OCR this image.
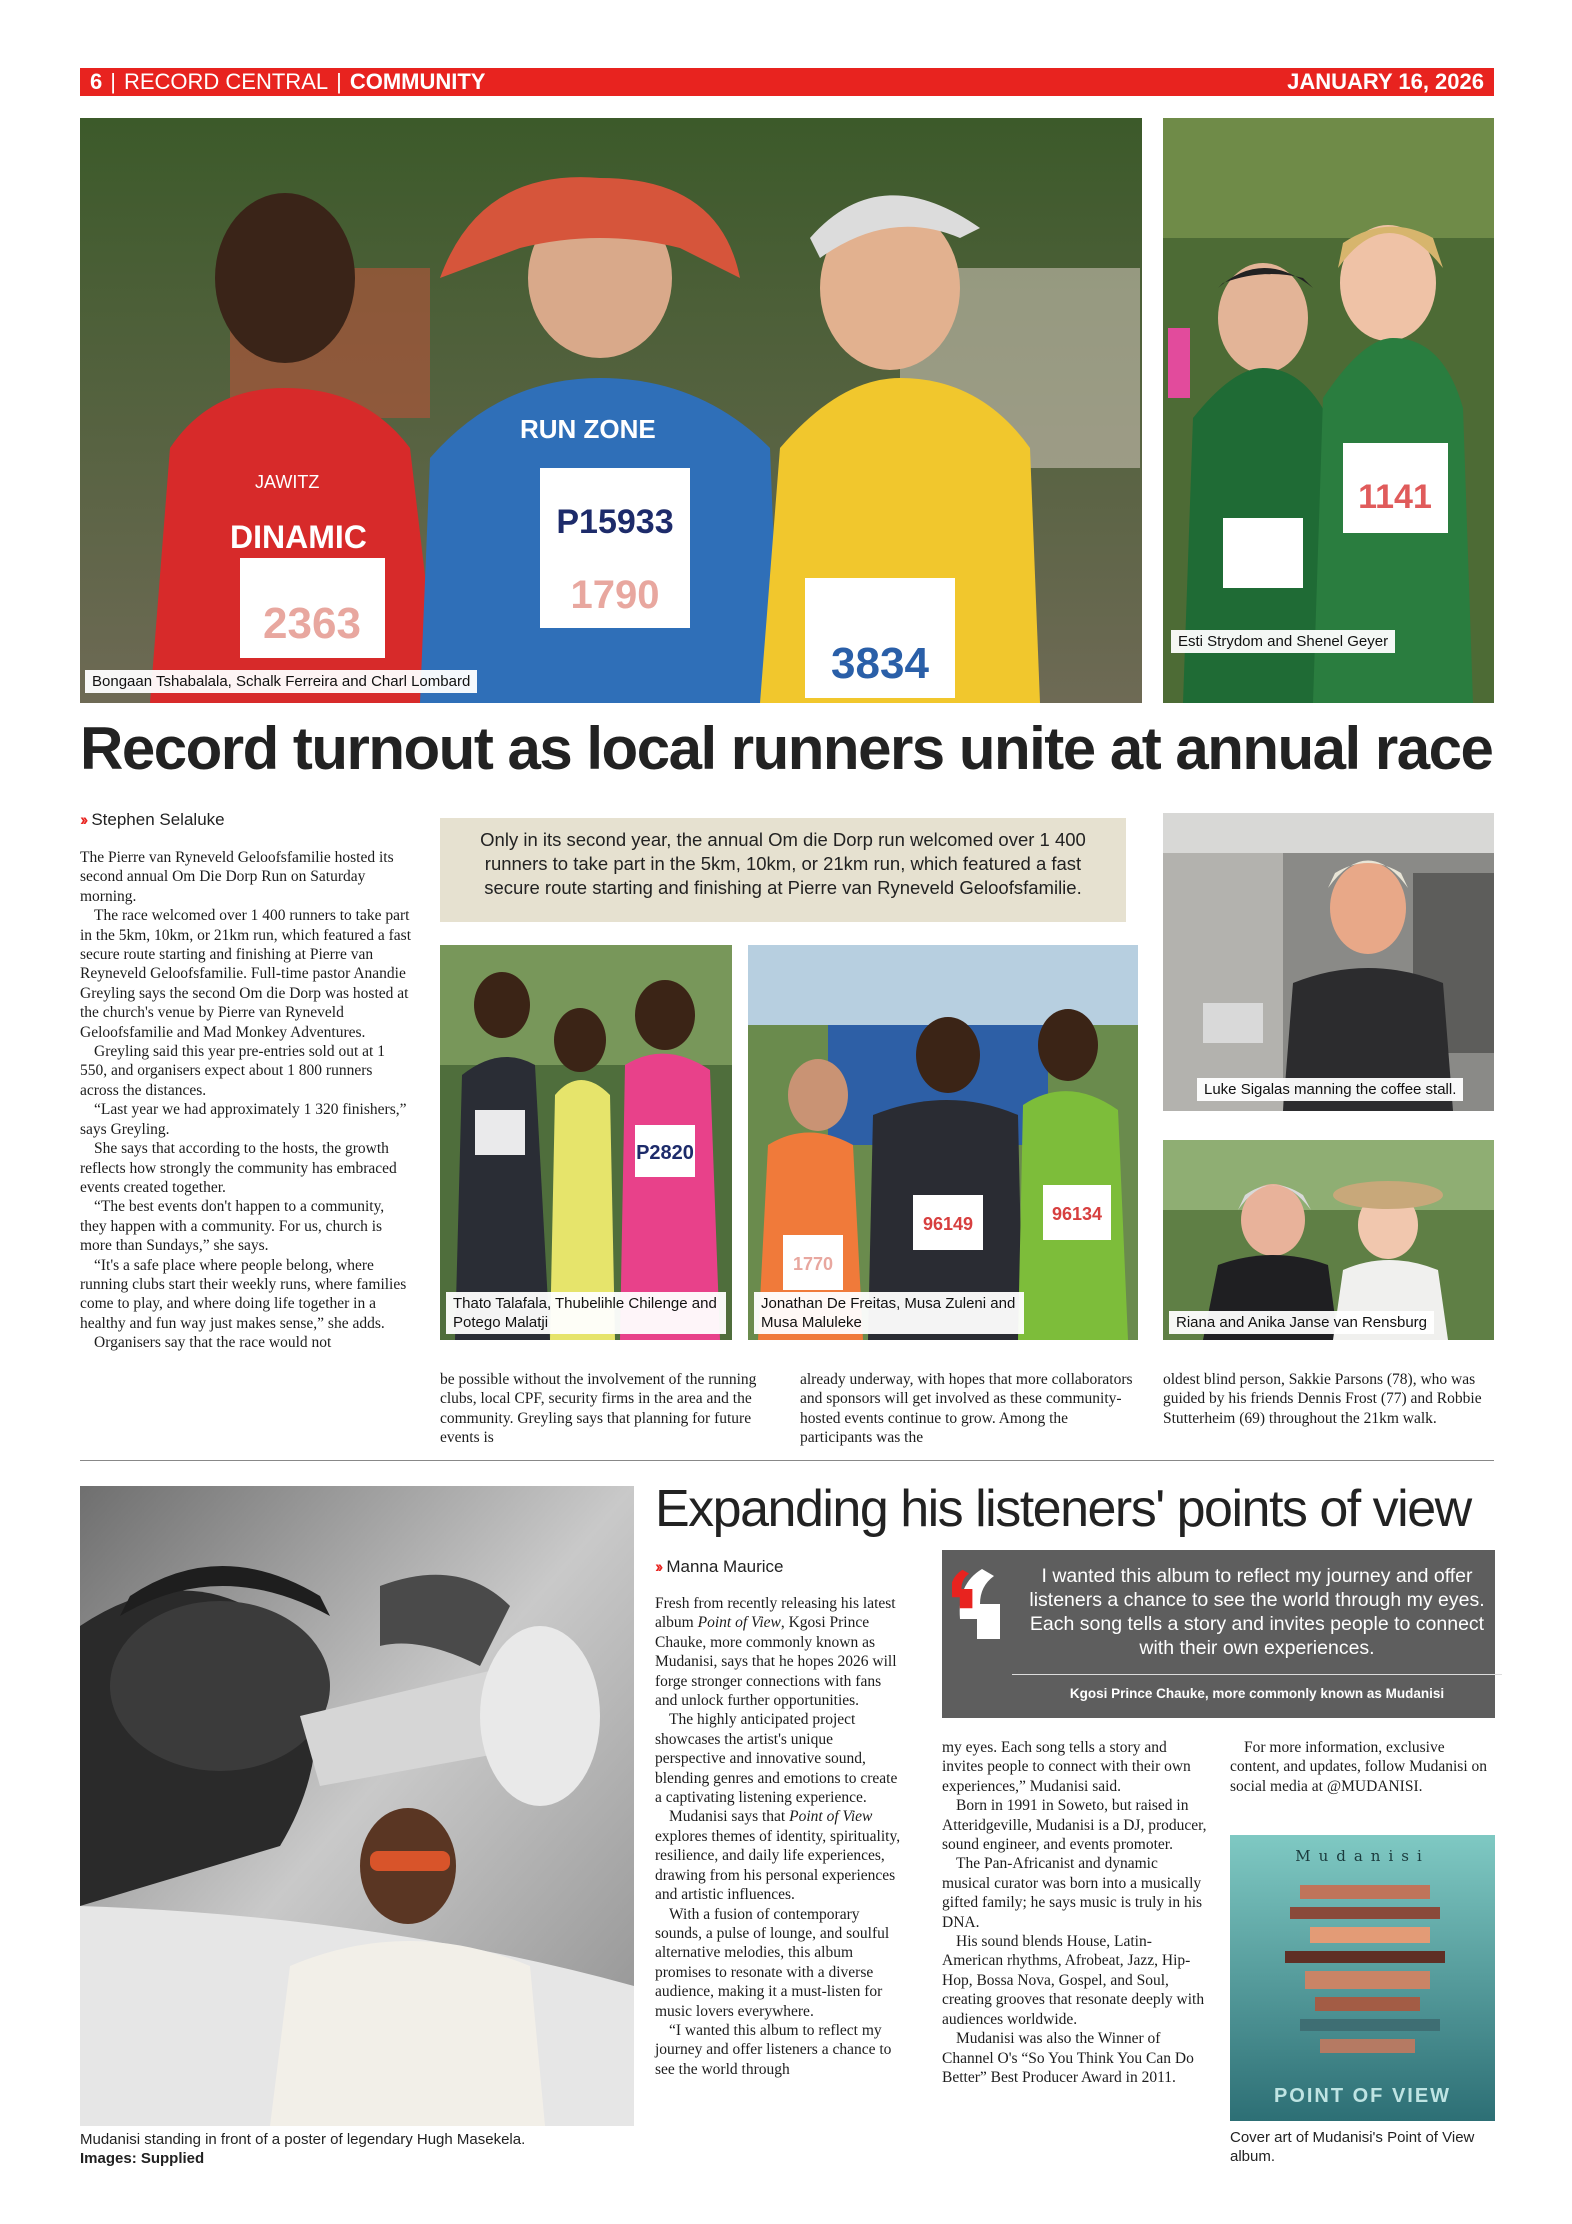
6 | RECORD CENTRAL | COMMUNITY	JANUARY 16, 2026
2363
P15933
1790
3834
JAWITZ
DINAMIC
RUN ZONE
Bongaan Tshabalala, Schalk Ferreira and Charl Lombard
1141
Esti Strydom and Shenel Geyer
Record turnout as local runners unite at annual race
›› Stephen Selaluke

The Pierre van Ryneveld Geloofsfamilie hosted its second annual Om Die Dorp Run on Saturday morning.

The race welcomed over 1 400 runners to take part in the 5km, 10km, or 21km run, which featured a fast secure route starting and finishing at Pierre van Reyneveld Geloofsfamilie. Full-time pastor Anandie Greyling says the second Om die Dorp was hosted at the church's venue by Pierre van Ryneveld Geloofsfamilie and Mad Monkey Adventures.

Greyling said this year pre-entries sold out at 1 550, and organisers expect about 1 800 runners across the distances.

“Last year we had approximately 1 320 finishers,” says Greyling.

She says that according to the hosts, the growth reflects how strongly the community has embraced events created together.

“The best events don't happen to a community, they happen with a community. For us, church is more than Sundays,” she says.

“It's a safe place where people belong, where running clubs start their weekly runs, where families come to play, and where doing life together in a healthy and fun way just makes sense,” she adds.

Organisers say that the race would not

Only in its second year, the annual Om die Dorp run welcomed over 1 400 runners to take part in the 5km, 10km, or 21km run, which featured a fast secure route starting and finishing at Pierre van Ryneveld Geloofsfamilie.
P2820
Thato Talafala, Thubelihle Chilenge and Potego Malatji
96149	96134
1770
Jonathan De Freitas, Musa Zuleni and Musa Maluleke
Luke Sigalas manning the coffee stall.
Riana and Anika Janse van Rensburg
be possible without the involvement of the running clubs, local CPF, security firms in the area and the community. Greyling says that planning for future events is
already underway, with hopes that more collaborators and sponsors will get involved as these community-hosted events continue to grow. Among the participants was the
oldest blind person, Sakkie Parsons (78), who was guided by his friends Dennis Frost (77) and Robbie Stutterheim (69) throughout the 21km walk.
Mudanisi standing in front of a poster of legendary Hugh Masekela.
Images: Supplied
Expanding his listeners' points of view
›› Manna Maurice

Fresh from recently releasing his latest album Point of View, Kgosi Prince Chauke, more commonly known as Mudanisi, says that he hopes 2026 will forge stronger connections with fans and unlock further opportunities.

The highly anticipated project showcases the artist's unique perspective and innovative sound, blending genres and emotions to create a captivating listening experience.

Mudanisi says that Point of View explores themes of identity, spirituality, resilience, and daily life experiences, drawing from his personal experiences and artistic influences.

With a fusion of contemporary sounds, a pulse of lounge, and soulful alternative melodies, this album promises to resonate with a diverse audience, making it a must-listen for music lovers everywhere.

“I wanted this album to reflect my journey and offer listeners a chance to see the world through

I wanted this album to reflect my journey and offer listeners a chance to see the world through my eyes. Each song tells a story and invites people to connect with their own experiences.
Kgosi Prince Chauke, more commonly known as Mudanisi

my eyes. Each song tells a story and invites people to connect with their own experiences,” Mudanisi said.

Born in 1991 in Soweto, but raised in Atteridgeville, Mudanisi is a DJ, producer, sound engineer, and events promoter.

The Pan-Africanist and dynamic musical curator was born into a musically gifted family; he says music is truly in his DNA.

His sound blends House, Latin-American rhythms, Afrobeat, Jazz, Hip-Hop, Bossa Nova, Gospel, and Soul, creating grooves that resonate deeply with audiences worldwide.

Mudanisi was also the Winner of Channel O's “So You Think You Can Do Better” Best Producer Award in 2011.

For more information, exclusive content, and updates, follow Mudanisi on social media at @MUDANISI.

Mudanisi
POINT OF VIEW
Cover art of Mudanisi's Point of View album.
